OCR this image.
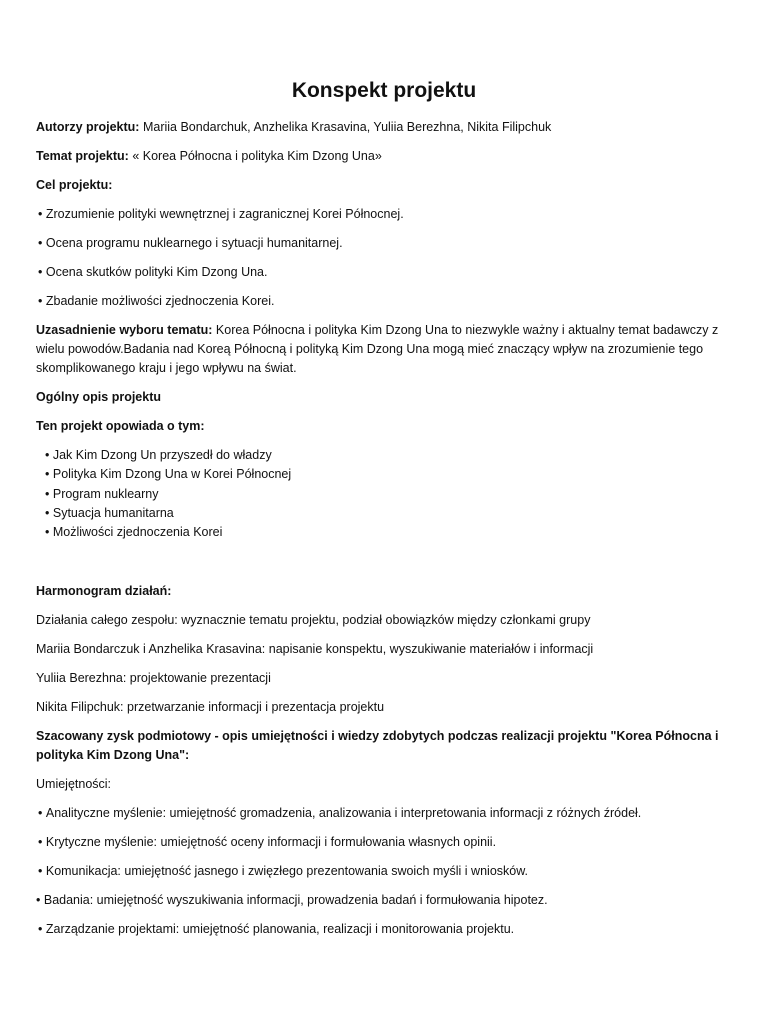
Konspekt projektu
Autorzy projektu: Mariia Bondarchuk, Anzhelika Krasavina, Yuliia Berezhna, Nikita Filipchuk
Temat projektu: « Korea Północna i polityka Kim Dzong Una»
Cel projektu:
• Zrozumienie polityki wewnętrznej i zagranicznej Korei Północnej.
• Ocena programu nuklearnego i sytuacji humanitarnej.
• Ocena skutków polityki Kim Dzong Una.
• Zbadanie możliwości zjednoczenia Korei.
Uzasadnienie wyboru tematu: Korea Północna i polityka Kim Dzong Una to niezwykle ważny i aktualny temat badawczy z
wielu powodów.Badania nad Koreą Północną i polityką Kim Dzong Una mogą mieć znaczący wpływ na zrozumienie tego
skomplikowanego kraju i jego wpływu na świat.
Ogólny opis projektu
Ten projekt opowiada o tym:
• Jak Kim Dzong Un przyszedł do władzy
• Polityka Kim Dzong Una w Korei Północnej
• Program nuklearny
• Sytuacja humanitarna
• Możliwości zjednoczenia Korei
Harmonogram działań:
Działania całego zespołu: wyznacznie tematu projektu, podział obowiązków między członkami grupy
Mariia Bondarczuk i Anzhelika Krasavina: napisanie konspektu, wyszukiwanie materiałów i informacji
Yuliia Berezhna: projektowanie prezentacji
Nikita Filipchuk: przetwarzanie informacji i prezentacja projektu
Szacowany zysk podmiotowy - opis umiejętności i wiedzy zdobytych podczas realizacji projektu "Korea Północna i
polityka Kim Dzong Una":
Umiejętności:
• Analityczne myślenie: umiejętność gromadzenia, analizowania i interpretowania informacji z różnych źródeł.
• Krytyczne myślenie: umiejętność oceny informacji i formułowania własnych opinii.
• Komunikacja: umiejętność jasnego i zwięzłego prezentowania swoich myśli i wniosków.
• Badania: umiejętność wyszukiwania informacji, prowadzenia badań i formułowania hipotez.
• Zarządzanie projektami: umiejętność planowania, realizacji i monitorowania projektu.
